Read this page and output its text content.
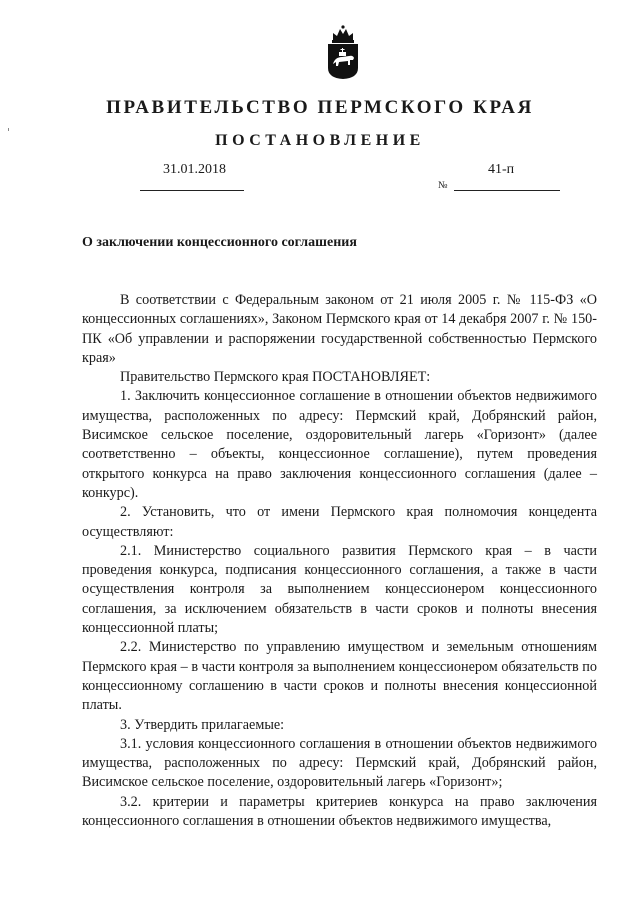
ПРАВИТЕЛЬСТВО ПЕРМСКОГО КРАЯ
ПОСТАНОВЛЕНИЕ
31.01.2018	41-п
№
О заключении концессионного соглашения

В соответствии с Федеральным законом от 21 июля 2005 г. № 115-ФЗ «О концессионных соглашениях», Законом Пермского края от 14 декабря 2007 г. № 150-ПК «Об управлении и распоряжении государственной собственностью Пермского края»

Правительство Пермского края ПОСТАНОВЛЯЕТ:

1. Заключить концессионное соглашение в отношении объектов недвижимого имущества, расположенных по адресу: Пермский край, Добрянский район, Висимское сельское поселение, оздоровительный лагерь «Горизонт» (далее соответственно – объекты, концессионное соглашение), путем проведения открытого конкурса на право заключения концессионного соглашения (далее – конкурс).

2. Установить, что от имени Пермского края полномочия концедента осуществляют:

2.1. Министерство социального развития Пермского края – в части проведения конкурса, подписания концессионного соглашения, а также в части осуществления контроля за выполнением концессионером концессионного соглашения, за исключением обязательств в части сроков и полноты внесения концессионной платы;

2.2. Министерство по управлению имуществом и земельным отношениям Пермского края – в части контроля за выполнением концессионером обязательств по концессионному соглашению в части сроков и полноты внесения концессионной платы.

3. Утвердить прилагаемые:

3.1. условия концессионного соглашения в отношении объектов недвижимого имущества, расположенных по адресу: Пермский край, Добрянский район, Висимское сельское поселение, оздоровительный лагерь «Горизонт»;

3.2. критерии и параметры критериев конкурса на право заключения концессионного соглашения в отношении объектов недвижимого имущества,
